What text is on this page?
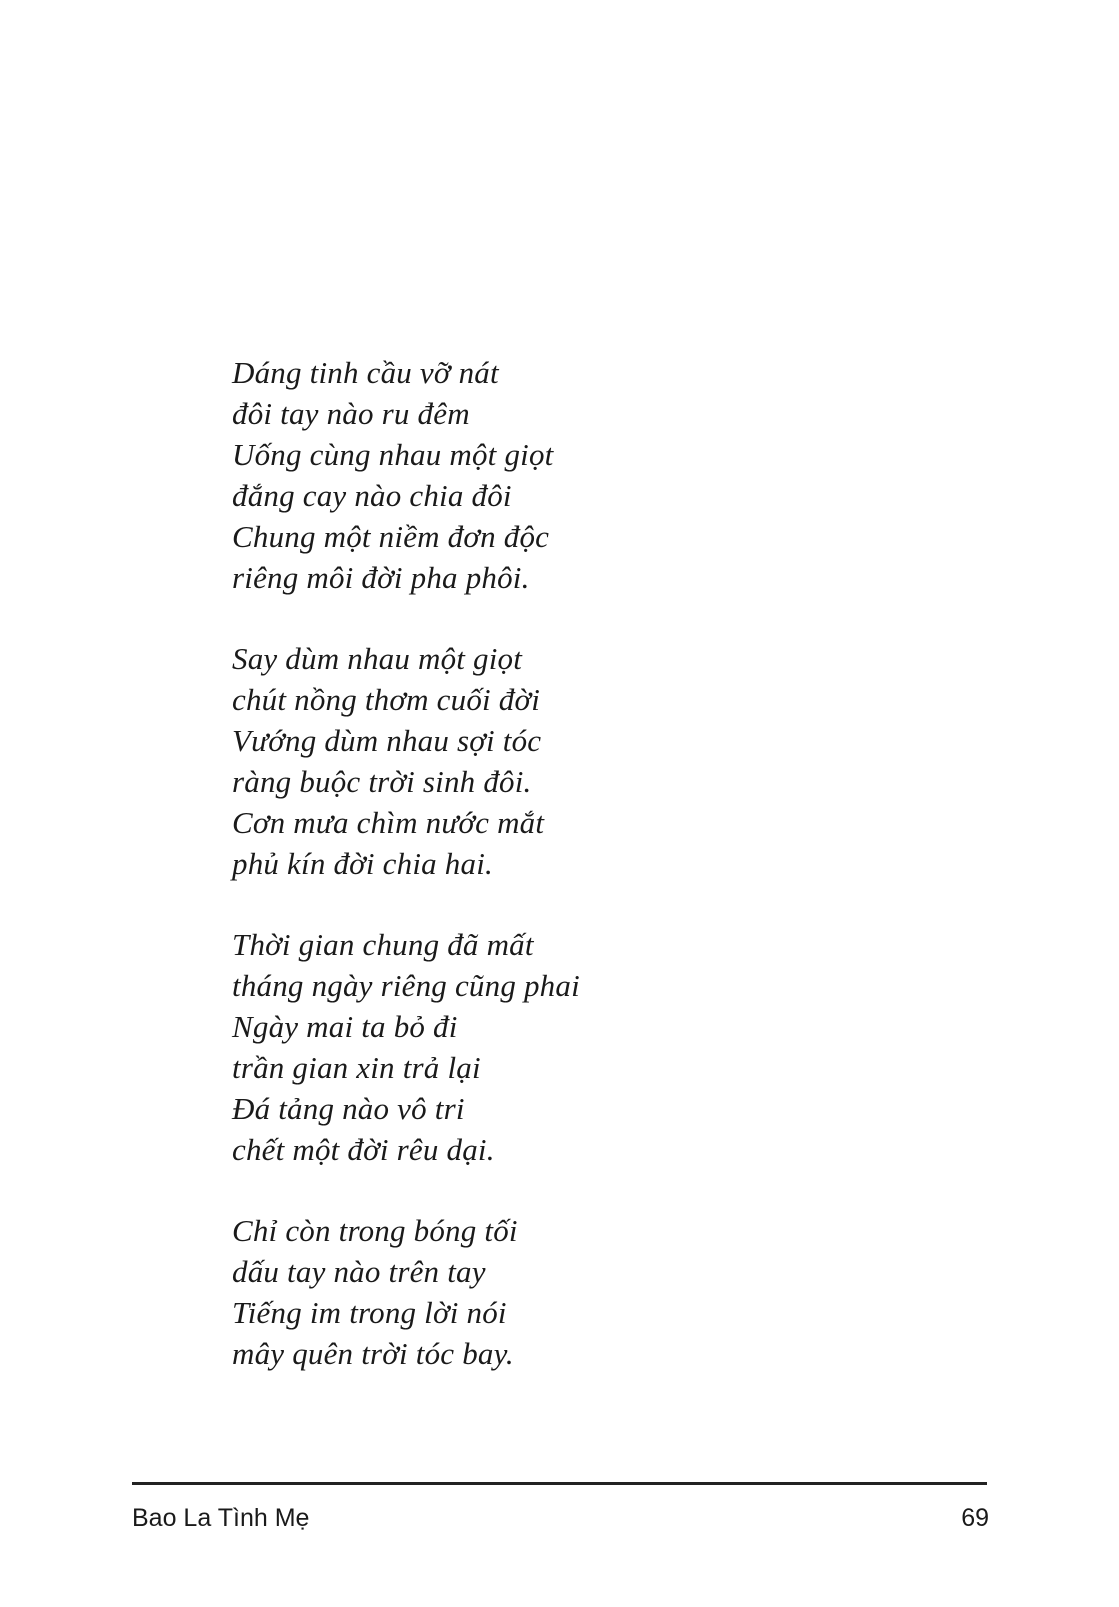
Dáng tinh cầu vỡ nát
đôi tay nào ru đêm
Uống cùng nhau một giọt
đắng cay nào chia đôi
Chung một niềm đơn độc
riêng môi đời pha phôi.
Say dùm nhau một giọt
chút nồng thơm cuối đời
Vướng dùm nhau sợi tóc
ràng buộc trời sinh đôi.
Cơn mưa chìm nước mắt
phủ kín đời chia hai.
Thời gian chung đã mất
tháng ngày riêng cũng phai
Ngày mai ta bỏ đi
trần gian xin trả lại
Đá tảng nào vô tri
chết một đời rêu dại.
Chỉ còn trong bóng tối
dấu tay nào trên tay
Tiếng im trong lời nói
mây quên trời tóc bay.
Bao La Tình Mẹ	69
